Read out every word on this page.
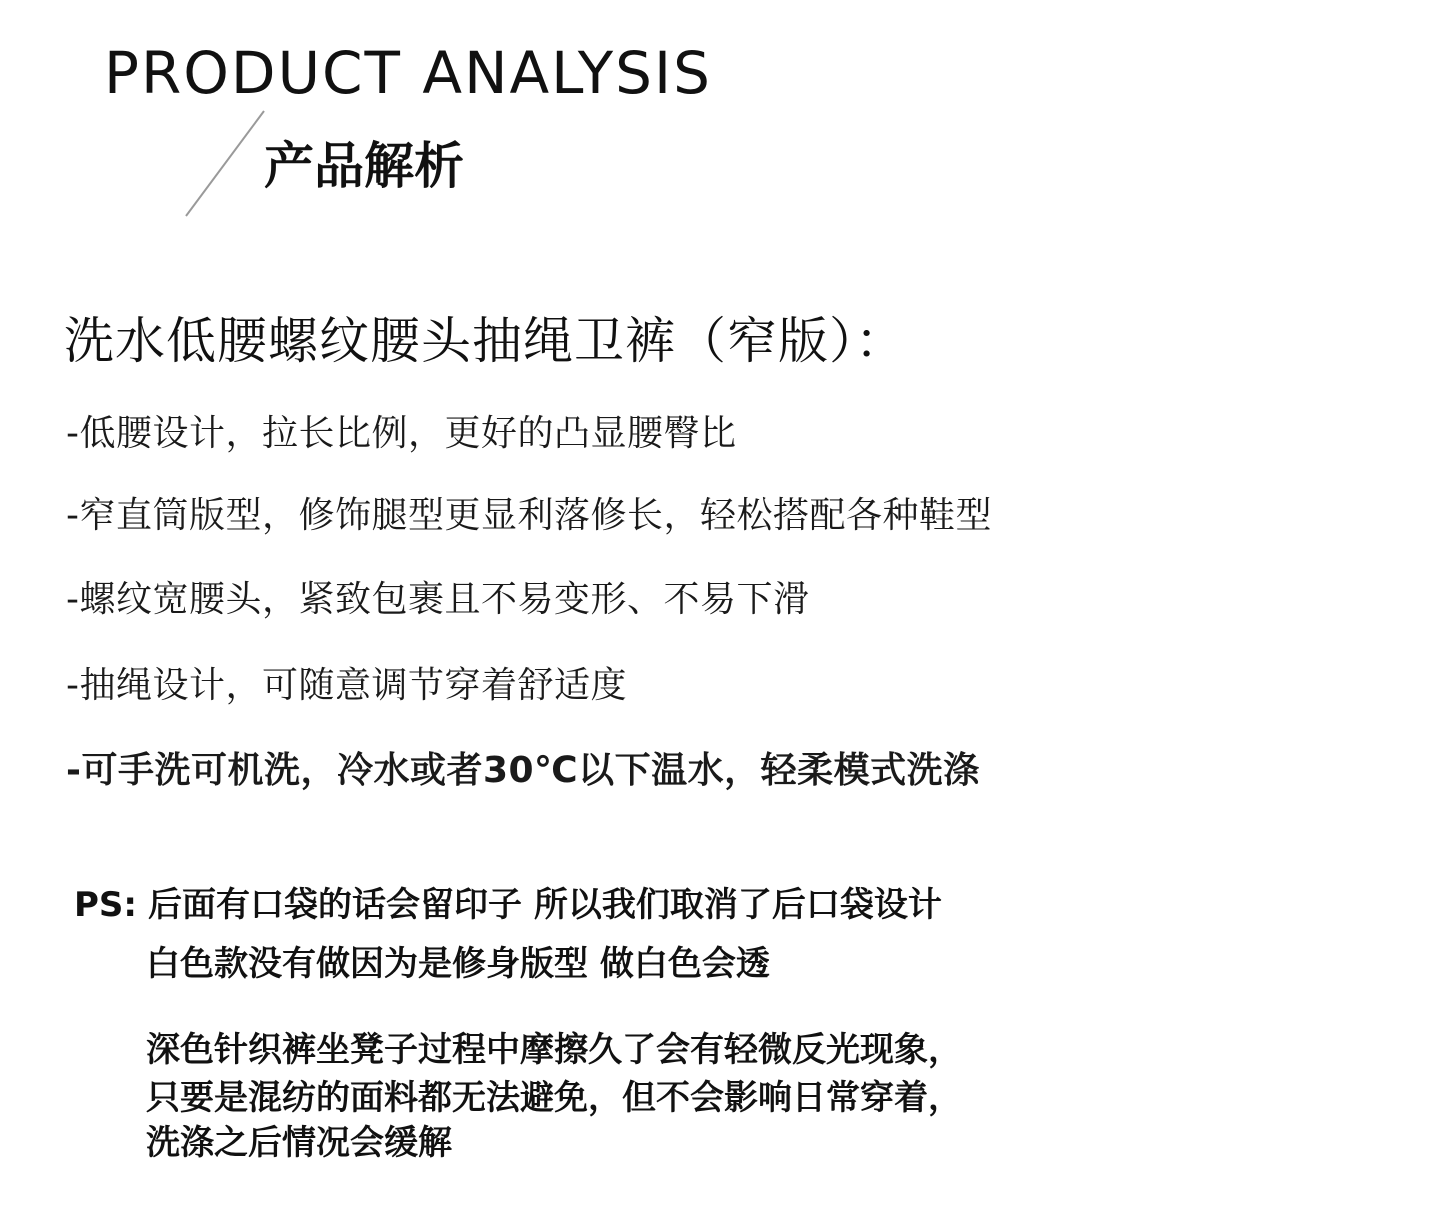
PRODUCT ANALYSIS
产品解析
洗水低腰螺纹腰头抽绳卫裤（窄版）：
-低腰设计，拉长比例，更好的凸显腰臀比
-窄直筒版型，修饰腿型更显利落修长，轻松搭配各种鞋型
-螺纹宽腰头，紧致包裹且不易变形、不易下滑
-抽绳设计，可随意调节穿着舒适度
-可手洗可机洗，冷水或者30℃以下温水，轻柔模式洗涤
PS: 后面有口袋的话会留印子 所以我们取消了后口袋设计
白色款没有做因为是修身版型 做白色会透
深色针织裤坐凳子过程中摩擦久了会有轻微反光现象，
只要是混纺的面料都无法避免，但不会影响日常穿着，
洗涤之后情况会缓解
